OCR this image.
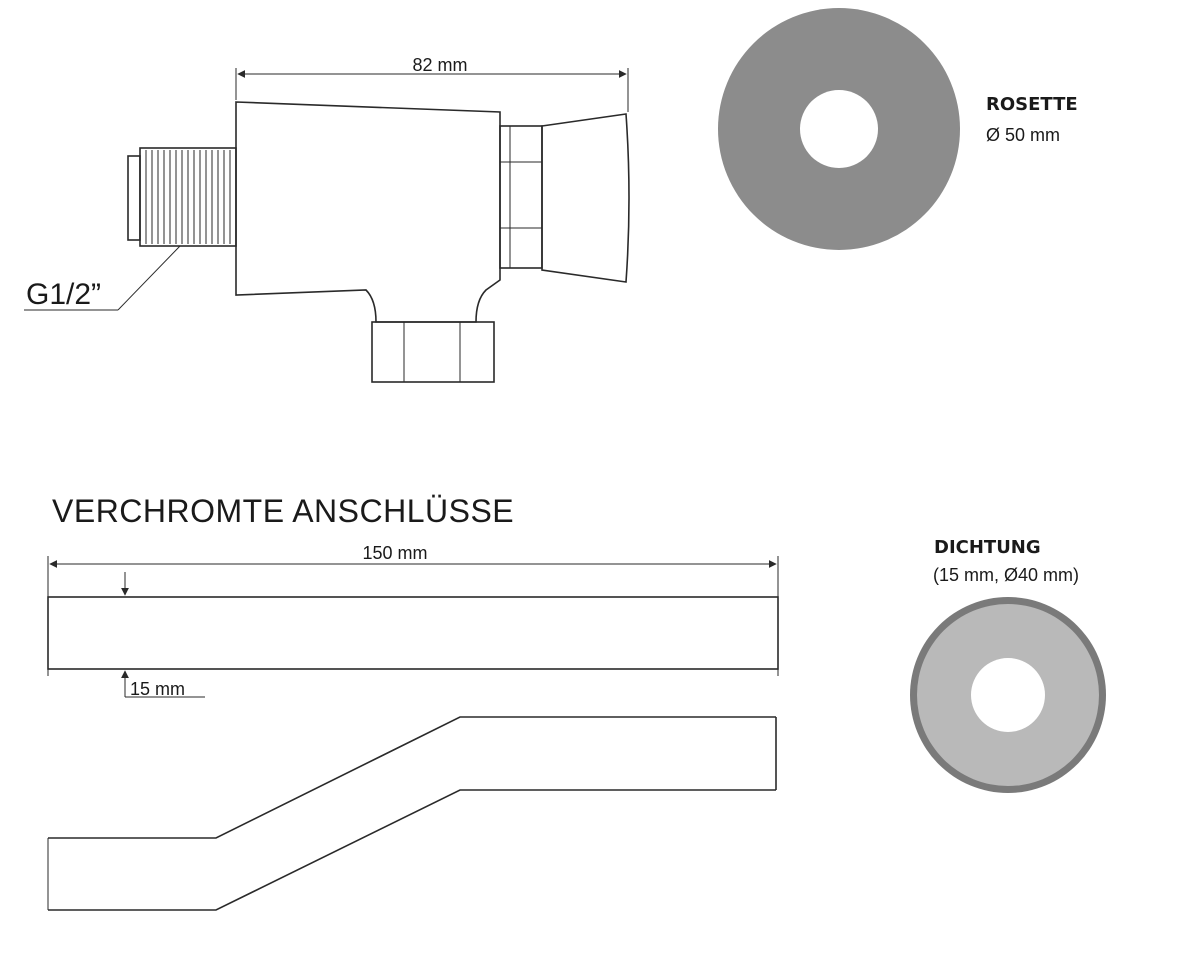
82 mm
G1/2”
ROSETTE
Ø 50 mm
VERCHROMTE ANSCHLÜSSE
150 mm
15 mm
DICHTUNG
(15 mm, Ø40 mm)
